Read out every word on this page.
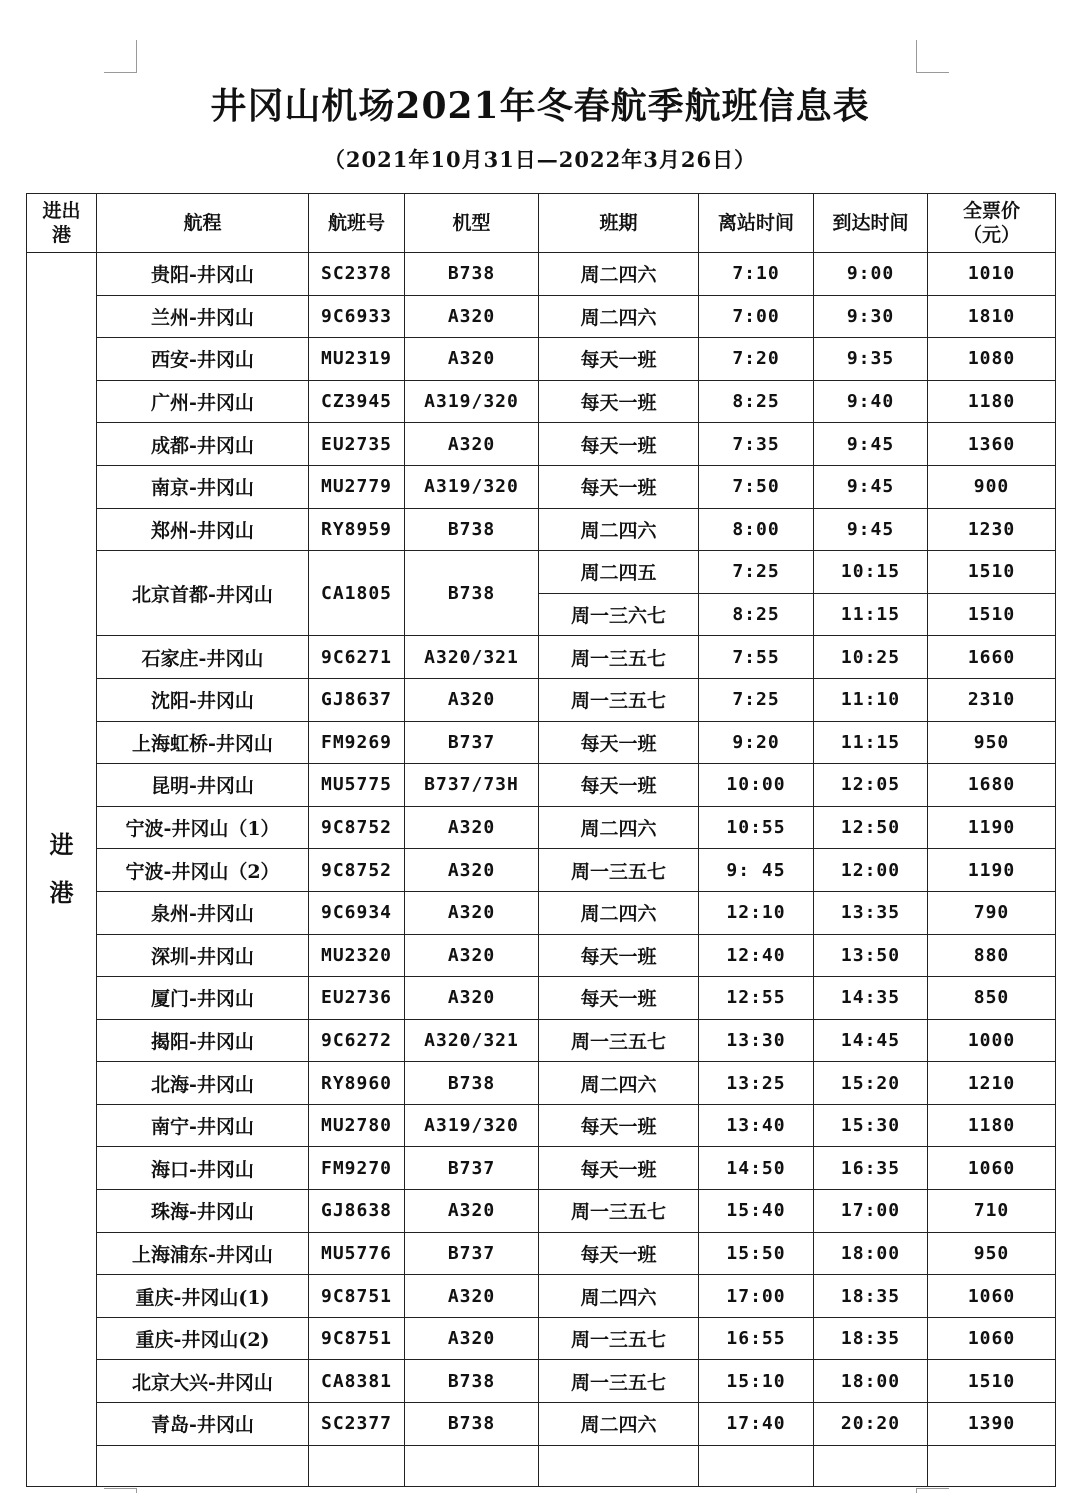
井冈山机场2021年冬春航季航班信息表
（2021年10月31日—2022年3月26日）
进出港	航程	航班号	机型	班期	离站时间	到达时间	全票价（元）	
进港	贵阳-井冈山	SC2378	B738	周二四六	7:10	9:00	1010	
	兰州-井冈山	9C6933	A320	周二四六	7:00	9:30	1810	
	西安-井冈山	MU2319	A320	每天一班	7:20	9:35	1080	
	广州-井冈山	CZ3945	A319/320	每天一班	8:25	9:40	1180	
	成都-井冈山	EU2735	A320	每天一班	7:35	9:45	1360	
	南京-井冈山	MU2779	A319/320	每天一班	7:50	9:45	900	
	郑州-井冈山	RY8959	B738	周二四六	8:00	9:45	1230	
	北京首都-井冈山	CA1805	B738	周二四五	7:25	10:15	1510	
				周一三六七	8:25	11:15	1510	
	石家庄-井冈山	9C6271	A320/321	周一三五七	7:55	10:25	1660	
	沈阳-井冈山	GJ8637	A320	周一三五七	7:25	11:10	2310	
	上海虹桥-井冈山	FM9269	B737	每天一班	9:20	11:15	950	
	昆明-井冈山	MU5775	B737/73H	每天一班	10:00	12:05	1680	
	宁波-井冈山（1）	9C8752	A320	周二四六	10:55	12:50	1190	
	宁波-井冈山（2）	9C8752	A320	周一三五七	9: 45	12:00	1190	
	泉州-井冈山	9C6934	A320	周二四六	12:10	13:35	790	
	深圳-井冈山	MU2320	A320	每天一班	12:40	13:50	880	
	厦门-井冈山	EU2736	A320	每天一班	12:55	14:35	850	
	揭阳-井冈山	9C6272	A320/321	周一三五七	13:30	14:45	1000	
	北海-井冈山	RY8960	B738	周二四六	13:25	15:20	1210	
	南宁-井冈山	MU2780	A319/320	每天一班	13:40	15:30	1180	
	海口-井冈山	FM9270	B737	每天一班	14:50	16:35	1060	
	珠海-井冈山	GJ8638	A320	周一三五七	15:40	17:00	710	
	上海浦东-井冈山	MU5776	B737	每天一班	15:50	18:00	950	
	重庆-井冈山(1)	9C8751	A320	周二四六	17:00	18:35	1060	
	重庆-井冈山(2)	9C8751	A320	周一三五七	16:55	18:35	1060	
	北京大兴-井冈山	CA8381	B738	周一三五七	15:10	18:00	1510	
	青岛-井冈山	SC2377	B738	周二四六	17:40	20:20	1390	
